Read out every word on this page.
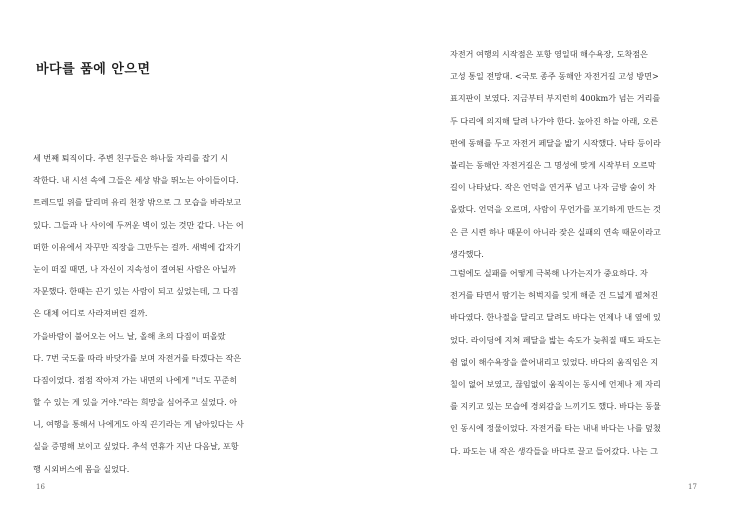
바다를 품에 안으면
세 번째 퇴직이다. 주변 친구들은 하나둘 자리를 잡기 시
작한다. 내 시선 속에 그들은 세상 밖을 뛰노는 아이들이다.
트레드밀 위를 달리며 유리 천장 밖으로 그 모습을 바라보고
있다. 그들과 나 사이에 두꺼운 벽이 있는 것만 같다. 나는 어
떠한 이유에서 자꾸만 직장을 그만두는 걸까. 새벽에 갑자기
눈이 떠질 때면, 나 자신이 지속성이 결여된 사람은 아닐까
자문했다. 한때는 끈기 있는 사람이 되고 싶었는데, 그 다짐
은 대체 어디로 사라져버린 걸까.
가을바람이 불어오는 어느 날, 올해 초의 다짐이 떠올랐
다. 7번 국도를 따라 바닷가를 보며 자전거를 타겠다는 작은
다짐이었다. 점점 작아져 가는 내면의 나에게 "너도 꾸준히
할 수 있는 게 있을 거야."라는 희망을 심어주고 싶었다. 아
니, 여행을 통해서 나에게도 아직 끈기라는 게 남아있다는 사
실을 증명해 보이고 싶었다. 추석 연휴가 지난 다음날, 포항
행 시외버스에 몸을 실었다.
16
자전거 여행의 시작점은 포항 영일대 해수욕장, 도착점은
고성 통일 전망대. <국토 종주 동해안 자전거길 고성 방면>
표지판이 보였다. 지금부터 부지런히 400km가 넘는 거리를
두 다리에 의지해 달려 나가야 한다. 높아진 하늘 아래, 오른
편에 동해를 두고 자전거 페달을 밟기 시작했다. 낙타 등이라
불리는 동해안 자전거길은 그 명성에 맞게 시작부터 오르막
길이 나타났다. 작은 언덕을 연거푸 넘고 나자 금방 숨이 차
올랐다. 언덕을 오르며, 사람이 무언가를 포기하게 만드는 것
은 큰 시련 하나 때문이 아니라 잦은 실패의 연속 때문이라고
생각했다.
그럼에도 실패를 어떻게 극복해 나가는지가 중요하다. 자
전거를 타면서 땀기는 허벅지를 잊게 해준 건 드넓게 펼쳐진
바다였다. 한나절을 달리고 달려도 바다는 언제나 내 옆에 있
었다. 라이딩에 지쳐 페달을 밟는 속도가 늦춰질 때도 파도는
쉼 없이 해수욕장을 쓸어내리고 있었다. 바다의 움직임은 지
칠이 없어 보였고, 끊임없이 움직이는 동시에 언제나 제 자리
를 지키고 있는 모습에 경외감을 느끼기도 했다. 바다는 동물
인 동시에 정물이었다. 자전거를 타는 내내 바다는 나를 덮쳤
다. 파도는 내 작은 생각들을 바다로 끌고 들어갔다. 나는 그
17
